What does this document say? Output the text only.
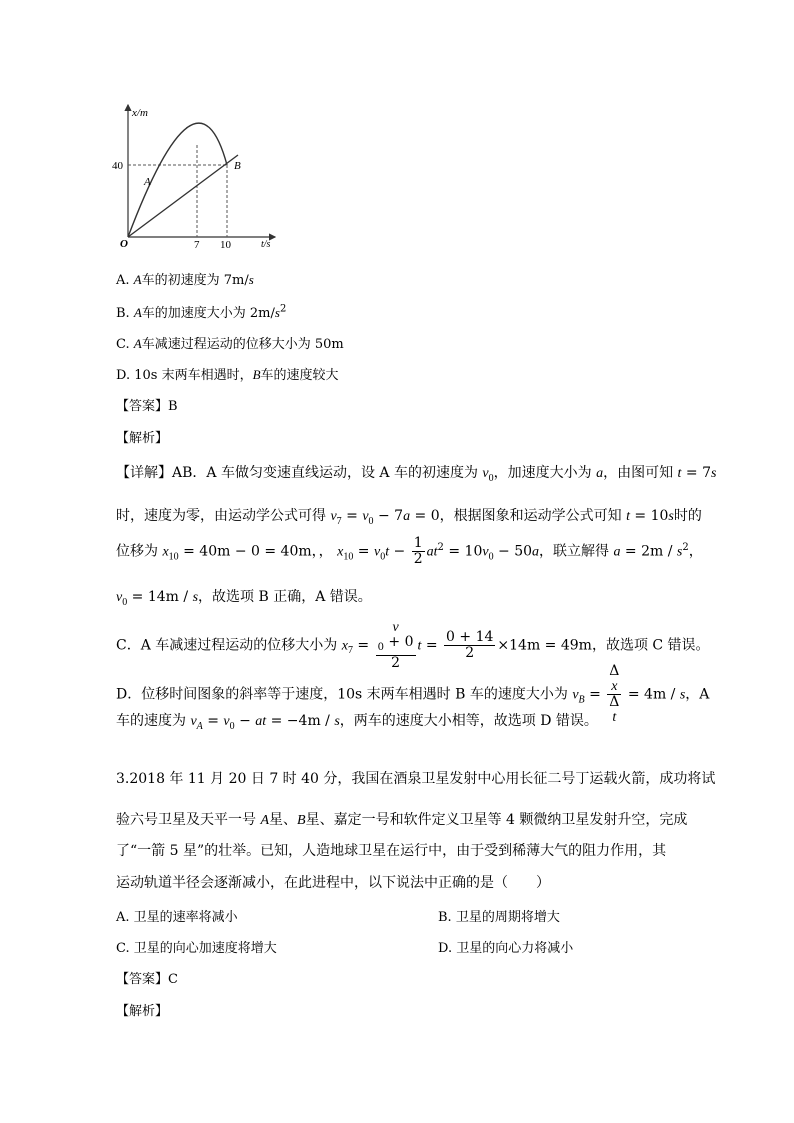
x/m
t/s
O
40
7 10
A
B
A. A车的初速度为 7m/s
B. A车的加速度大小为 $2m/s^2$
C. A车减速过程运动的位移大小为 50m
D. 10s 末两车相遇时，B车的速度较大
【答案】B
【解析】
【详解】AB．A 车做匀变速直线运动，设 A 车的初速度为 $v_0$，加速度大小为 a，由图可知 t = 7s
时，速度为零，由运动学公式可得 $v_7 = v_0 - 7a = 0$，根据图象和运动学公式可知 t = 10s时的
位移为 $x_{10} = 40m - 0 = 40m$，， $x_{10} = v_0t - \frac{1}{2} at^2 = 10v_0 - 50a$，联立解得 $a = 2m / s^2$，
$v_0 = 14m / s$，故选项 B 正确，A 错误。
C．A 车减速过程运动的位移大小为 $x_7 = v$
$_0$ + 0
2 $t = \frac{0 + 14}{2} \times 14m = 49m$，故选项 C 错误。
D．位移时间图象的斜率等于速度，10s 末两车相遇时 B 车的速度大小为 $v_B = \Delta$
x
Δ
t = 4m / s，A
车的速度为 $v_A = v_0$ − at = −4m / s，两车的速度大小相等，故选项 D 错误。
3.2018 年 11 月 20 日 7 时 40 分，我国在酒泉卫星发射中心用长征二号丁运载火箭，成功将试
验六号卫星及天平一号 A星、B星、嘉定一号和软件定义卫星等 4 颗微纳卫星发射升空，完成
了“一箭 5 星”的壮举。已知，人造地球卫星在运行中，由于受到稀薄大气的阻力作用，其
运动轨道半径会逐渐减小，在此进程中，以下说法中正确的是（　　）
A. 卫星的速率将减小	B. 卫星的周期将增大
C. 卫星的向心加速度将增大	D. 卫星的向心力将减小
【答案】C
【解析】
